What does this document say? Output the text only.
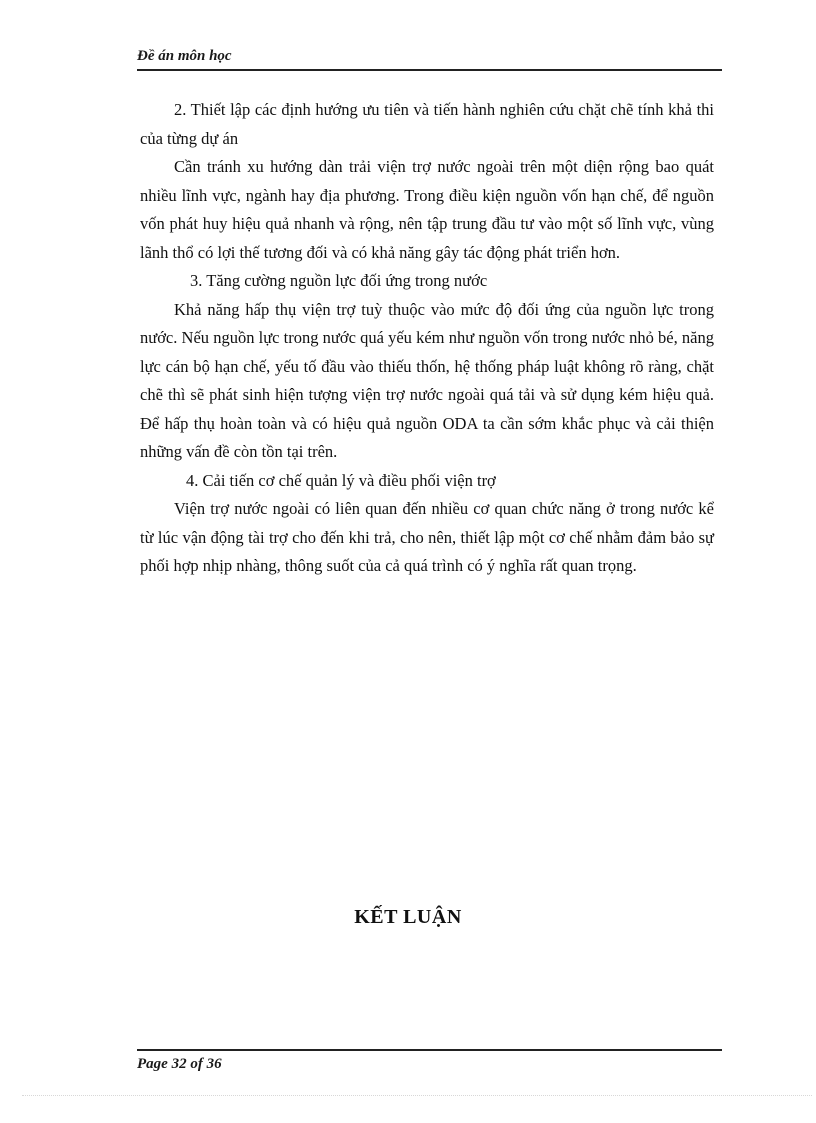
Đề án môn học

2. Thiết lập các định hướng ưu tiên và tiến hành nghiên cứu chặt chẽ tính khả thi của từng dự án

Cần tránh xu hướng dàn trải viện trợ nước ngoài trên một diện rộng bao quát nhiều lĩnh vực, ngành hay địa phương. Trong điều kiện nguồn vốn hạn chế, để nguồn vốn phát huy hiệu quả nhanh và rộng, nên tập trung đầu tư vào một số lĩnh vực, vùng lãnh thổ có lợi thế tương đối và có khả năng gây tác động phát triển hơn.

3. Tăng cường nguồn lực đối ứng trong nước

Khả năng hấp thụ viện trợ tuỳ thuộc vào mức độ đối ứng của nguồn lực trong nước. Nếu nguồn lực trong nước quá yếu kém như nguồn vốn trong nước nhỏ bé, năng lực cán bộ hạn chế, yếu tố đầu vào thiếu thốn, hệ thống pháp luật không rõ ràng, chặt chẽ thì sẽ phát sinh hiện tượng viện trợ nước ngoài quá tải và sử dụng kém hiệu quả. Để hấp thụ hoàn toàn và có hiệu quả nguồn ODA ta cần sớm khắc phục và cải thiện những vấn đề còn tồn tại trên.

4. Cải tiến cơ chế quản lý và điều phối viện trợ

Viện trợ nước ngoài có liên quan đến nhiều cơ quan chức năng ở trong nước kể từ lúc vận động tài trợ cho đến khi trả, cho nên, thiết lập một cơ chế nhằm đảm bảo sự phối hợp nhịp nhàng, thông suốt của cả quá trình có ý nghĩa rất quan trọng.

KẾT LUẬN
Page 32 of 36
